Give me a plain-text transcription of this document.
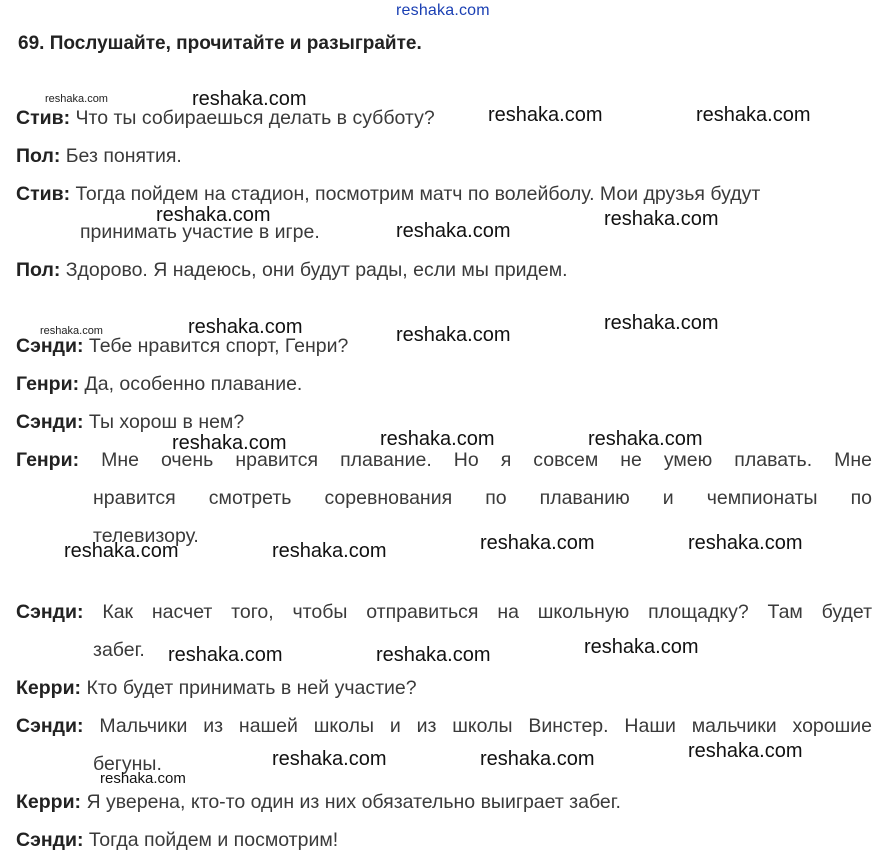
reshaka.com
69. Послушайте, прочитайте и разыграйте.
Стив: Что ты собираешься делать в субботу?
Пол: Без понятия.
Стив: Тогда пойдем на стадион, посмотрим матч по волейболу. Мои друзья будут
принимать участие в игре.
Пол: Здорово. Я надеюсь, они будут рады, если мы придем.
Сэнди: Тебе нравится спорт, Генри?
Генри: Да, особенно плавание.
Сэнди: Ты хорош в нем?
Генри: Мне очень нравится плавание. Но я совсем не умею плавать. Мне
нравится смотреть соревнования по плаванию и чемпионаты по
телевизору.
Сэнди: Как насчет того, чтобы отправиться на школьную площадку? Там будет
забег.
Керри: Кто будет принимать в ней участие?
Сэнди: Мальчики из нашей школы и из школы Винстер. Наши мальчики хорошие
бегуны.
Керри: Я уверена, кто-то один из них обязательно выиграет забег.
Сэнди: Тогда пойдем и посмотрим!
reshaka.com	reshaka.com
reshaka.com	reshaka.com
reshaka.com	reshaka.com
reshaka.com
reshaka.com	reshaka.com	reshaka.com
reshaka.com
reshaka.com	reshaka.com	reshaka.com
reshaka.com	reshaka.com	reshaka.com	reshaka.com
reshaka.com	reshaka.com	reshaka.com
reshaka.com	reshaka.com	reshaka.com
reshaka.com
